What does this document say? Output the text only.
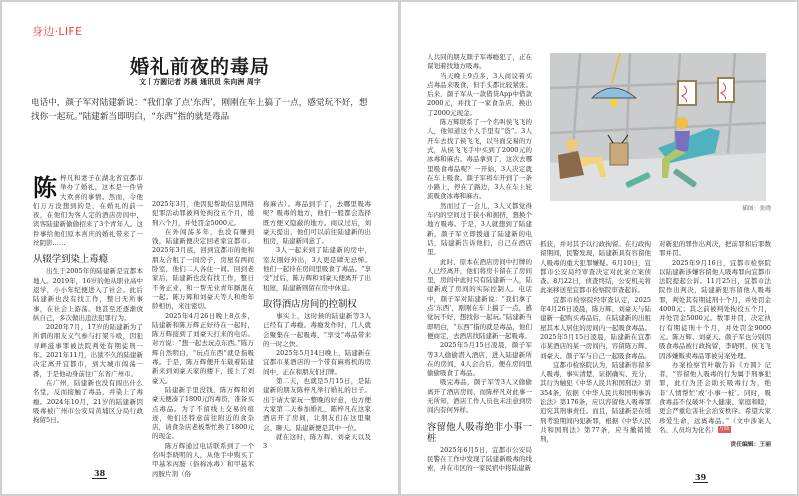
身边·LIFE
婚礼前夜的毒局
文丨方圆记者 苏晨 通讯员 朱向洲 周宇
电话中，颜子军对陆建新说：“我们拿了点‘东西’，刚刚在车上搞了一点，感觉玩不好，想找你一起玩。”陆建新当即明白，“东西”指的就是毒品

陈梓凡和妻子在湖北省宜都市举办了婚礼，这本是一件皆大欢喜的事情。然而，令他们万万没想到的是，在婚礼的前一夜，在他们为客人定的酒店房间中，宾客陆建新偷偷招来了3个青年人。这件事给他们原本喜庆的婚礼带来了一丝阴影……

从辍学到染上毒瘾

出生于2005年的陆建新是宜都本地人。2019年，16岁的他从职业高中退学，小小年纪便进入了社会。此后陆建新也没有找工作，整日无所事事，在社会上游荡。他甚至还逐渐放纵自己，多次做出违法犯罪行为。

2020年7月，17岁的陆建新为了所谓的朋友义气参与打架斗殴，因犯寻衅滋事罪被法院判处有期徒刑一年。2021年11月，出狱不久的陆建新决定离开宜都市，到大城市闯荡一番，于是他动身前往广东省广州市。

在广州，陆建新也没有闯出什么名堂，反而接触了毒品，并染上了毒瘾。2024年10月，21岁的陆建新因吸毒被广州市公安局黄埔区分局行政拘留5日。

2025年3月，他因犯帮助信息网络犯罪活动罪被判处拘役五个月，缓刑六个月，并处罚金5000元。

在外闯荡多年，也没有赚到钱，陆建新便决定回老家宜都市。2025年3月底，回到宜都市的他和朋友合租了一间房子，房屋有两间卧室，他们二人各住一间。回到老家后，陆建新也没有找工作，整日不务正业，和一帮无业青年厮混在一起。陈万辉和刘豪天等人和他年龄相仿，来往密切。

2025年4月26日晚上8点多，陆建新和陈万辉正好待在一起时，陈万辉接到了刘豪天打来的电话。对方说：“想一起去玩点东西。”陈万辉自然明白，“玩点东西”就是指吸毒。于是，陈万辉便开车载着陆建新来到刘豪天家的楼下，接上了刘豪天。

陆建新手里没钱，陈万辉和刘豪天便凑了1800元的毒资，准备买点毒品。为了不留线上交易的痕迹，他们还特意前往附近的食杂店，请食杂店老板帮忙换了1800元的现金。

陈万辉通过电话联系到了一个名叫李晓明的人，从他手中购买了甲基苯丙胺（俗称冰毒）和甲基苯丙胺片剂（俗

称麻古）。毒品到手了，去哪里吸毒呢？吸毒的地方，他们一般都会选择既方便又隐蔽的地方。商议过后，刘豪天提出，他们可以前往陆建新的出租房，陆建新同意了。

3人一起来到了陆建新的房中，室友刚好外出，3人更是肆无忌惮。他们一起待在房间里吸食了毒品。“享受”过后，陈万辉和刘豪天便离开了出租屋，陆建新则留在房中休息。

取得酒店房间的控制权

事实上，这时候的陆建新等3人已经有了毒瘾。毒瘾发作时，几人就会聚集在一起吸毒，“享受”毒品带来的一时之快。

2025年5月14日晚上，陆建新在宜都市某酒店的一个带有麻将机的房间中，正在和朋友们打牌。

第二天，也就是5月15日，是陆建新的朋友陈梓凡举行婚礼的日子。出于请大家玩一整晚的好意，也方便大家第二天参加婚礼，陈梓凡在这家酒店开了房间，让朋友们在这里聚会、聊天。陆建新便是其中一位。

就在这时，陈万辉、刘豪天以及3

38

人共同的朋友颜子军毒瘾犯了，正在谋划着找地方吸毒。

当天晚上9点多，3人商议着买点毒品来吸食，但手头都比较紧张。后来，颜子军从一款借贷App中借款2000元，并找了一家食杂店，换出了2000元现金。

陈万辉联系了一个名叫侯飞飞的人，他知道这个人手里有“货”。3人开车去找了侯飞飞，以当面交易的方式，从侯飞飞手中买到了2000元的冰毒和麻古。毒品拿到了，这次去哪里吸食毒品呢？一开始，3人决定就在车上吸食。颜子军将车开到了一条小路上，停在了路边，3人在车上轮流吸食冰毒和麻古。

然而过了一会儿，3人又都觉得车内的空间过于狭小和拥挤，想换个地方吸毒。于是，3人就想到了陆建新，颜子军立即拨通了陆建新的电话，陆建新告诉他们，自己在酒店里。

此时，原本在酒店房间中打牌的人已经离开，他们将房卡留在了房间里，房间中此时只有陆建新一人，陆建新成了房间的实际控制人。电话中，颜子军对陆建新说：“我们拿了点‘东西’，刚刚在车上搞了一点，感觉玩不好，想找你一起玩。”陆建新当即明白，“东西”指的就是毒品，他们便商定，去酒店找陆建新一起吸毒。

2025年5月15日凌晨，颜子军等3人偷偷潜入酒店，进入陆建新所在的房间，4人会合后，便在房间里偷偷吸食了毒品。

吸完毒品，颜子军等3人又偷偷离开了酒店房间，而陈梓凡对此事一无所知，酒店工作人员也未注意到房间内有何异样。

容留他人吸毒绝非小事一桩

2025年6月5日，宜都市公安局民警在工作中发现了陆建新吸毒的线索，并在市区的一家民宿中将陆建新

插图：张晓

抓获，并对其予以行政拘留。在行政拘留期间，民警发现，陆建新具有容留他人吸毒的重大犯罪嫌疑。6月10日，宜都市公安局经审查决定对此案立案侦查。8月22日，侦查终结，公安机关将此案移送至宜都市检察院审查起诉。

宜都市检察院经审查认定，2025年4月26日凌晨，陈万辉、刘豪天与陆建新一起购买毒品后，在陆建新的出租屋其本人居住的房间内一起吸食毒品。2025年5月15日凌晨，陆建新在宜都市某酒店的某一房间内，容留陈万辉、刘豪天、颜子军与自己一起吸食毒品。

宜都市检察院认为，陆建新容留多人吸毒，事实清楚，证据确实、充分，其行为触犯《中华人民共和国刑法》第354条，依据《中华人民共和国刑事诉讼法》第176条，应以容留他人吸毒罪追究其刑事责任。而且，陆建新是在缓刑考验期间内犯新罪，根据《中华人民共和国刑法》第77条，应当撤销缓刑，

对新犯的罪作出判决，把前罪和后罪数罪并罚。

2025年9月16日，宜都市检察院以陆建新涉嫌容留他人吸毒罪向宜都市法院提起公诉。11月25日，宜都市法院作出判决，陆建新犯容留他人吸毒罪，判处其有期徒刑十个月，并处罚金4000元；其之前被判处拘役五个月，并处罚金5000元。数罪并罚，决定执行有期徒刑十个月，并处罚金9000元。陈万辉、刘豪天、颜子军也分别因吸食毒品被行政拘留，李晓明、侯飞飞因涉嫌贩卖毒品罪被另案处理。

办案检察官叶敏告诉《方圆》记者，“容留他人吸毒的行为属于刑事犯罪，此行为还会助长吸毒行为，绝非‘人情帮忙’或‘小事一桩’。同时，吸食毒品不仅破坏个人健康、家庭和睦，更会严重危害社会治安秩序。希望大家珍爱生命，远离毒品。”（文中涉案人名、人员均为化名）方圆

责任编辑：王丽
39
